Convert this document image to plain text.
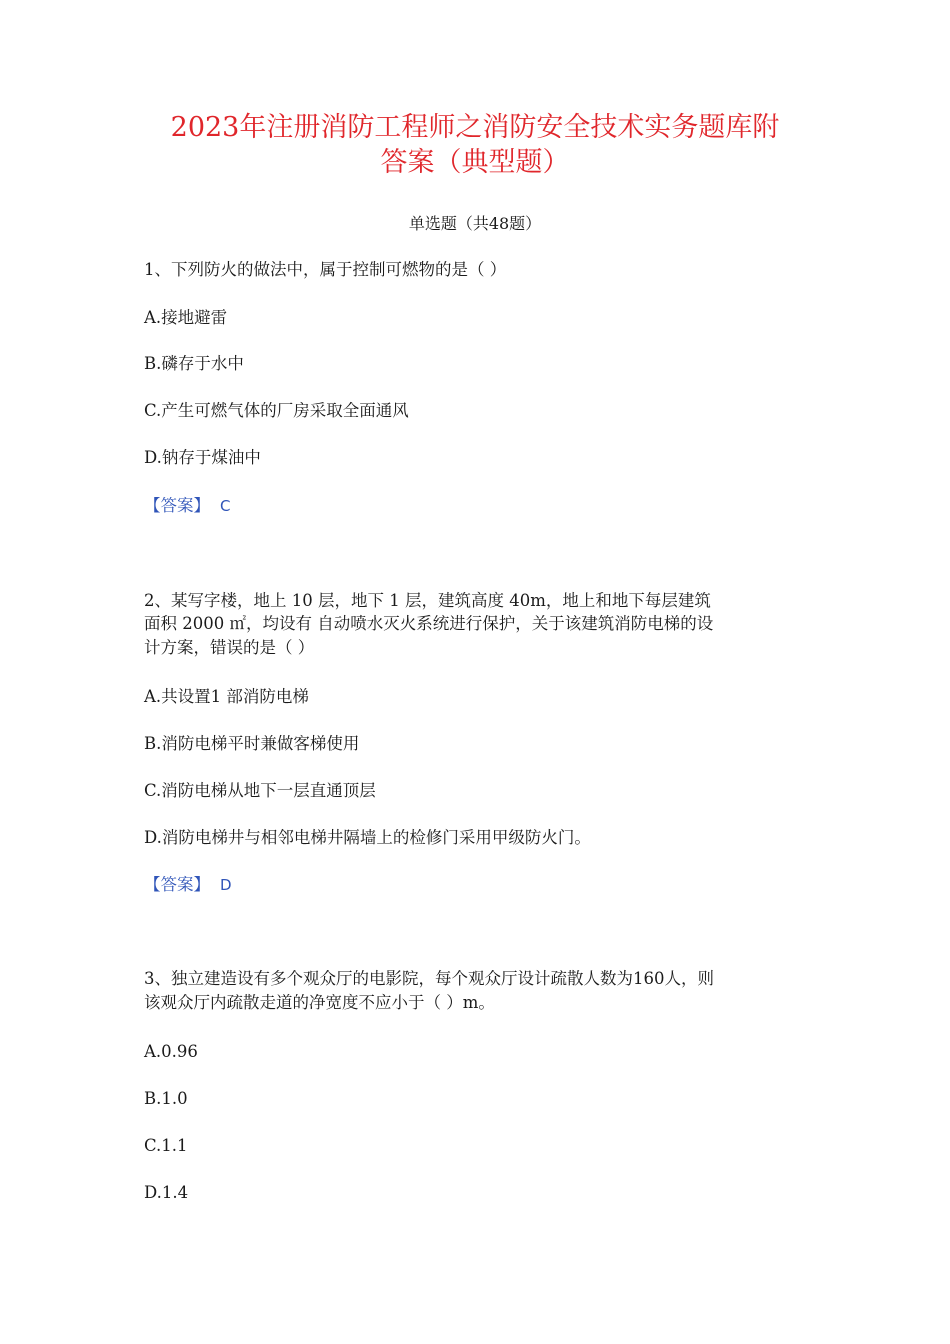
2023年注册消防工程师之消防安全技术实务题库附
答案（典型题）
单选题（共48题）
1、下列防火的做法中，属于控制可燃物的是（ ）
A.接地避雷
B.磷存于水中
C.产生可燃气体的厂房采取全面通风
D.钠存于煤油中
【答案】 C
2、某写字楼，地上 10 层，地下 1 层，建筑高度 40m，地上和地下每层建筑
面积 2000 ㎡，均设有 自动喷水灭火系统进行保护，关于该建筑消防电梯的设
计方案，错误的是（ ）
A.共设置1 部消防电梯
B.消防电梯平时兼做客梯使用
C.消防电梯从地下一层直通顶层
D.消防电梯井与相邻电梯井隔墙上的检修门采用甲级防火门。
【答案】 D
3、独立建造设有多个观众厅的电影院，每个观众厅设计疏散人数为160人，则
该观众厅内疏散走道的净宽度不应小于（ ）m。
A.0.96
B.1.0
C.1.1
D.1.4
